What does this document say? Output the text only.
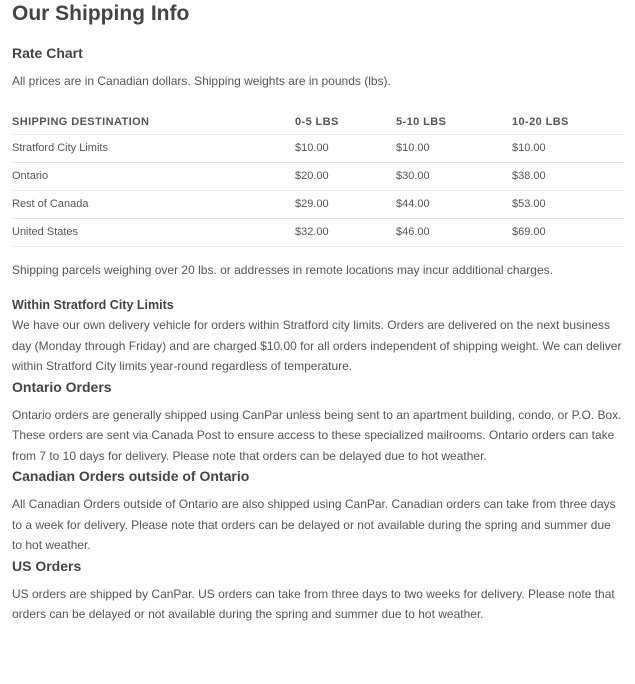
Our Shipping Info
Rate Chart

All prices are in Canadian dollars. Shipping weights are in pounds (lbs).

SHIPPING DESTINATION	0-5 LBS	5-10 LBS	10-20 LBS
Stratford City Limits	$10.00	$10.00	$10.00
Ontario	$20.00	$30.00	$38.00
Rest of Canada	$29.00	$44.00	$53.00
United States	$32.00	$46.00	$69.00

Shipping parcels weighing over 20 lbs. or addresses in remote locations may incur additional charges.

Within Stratford City Limits

We have our own delivery vehicle for orders within Stratford city limits. Orders are delivered on the next business day (Monday through Friday) and are charged $10.00 for all orders independent of shipping weight. We can deliver within Stratford City limits year-round regardless of temperature.

Ontario Orders

Ontario orders are generally shipped using CanPar unless being sent to an apartment building, condo, or P.O. Box. These orders are sent via Canada Post to ensure access to these specialized mailrooms. Ontario orders can take from 7 to 10 days for delivery. Please note that orders can be delayed due to hot weather.

Canadian Orders outside of Ontario

All Canadian Orders outside of Ontario are also shipped using CanPar. Canadian orders can take from three days to a week for delivery. Please note that orders can be delayed or not available during the spring and summer due to hot weather.

US Orders

US orders are shipped by CanPar. US orders can take from three days to two weeks for delivery. Please note that orders can be delayed or not available during the spring and summer due to hot weather.
